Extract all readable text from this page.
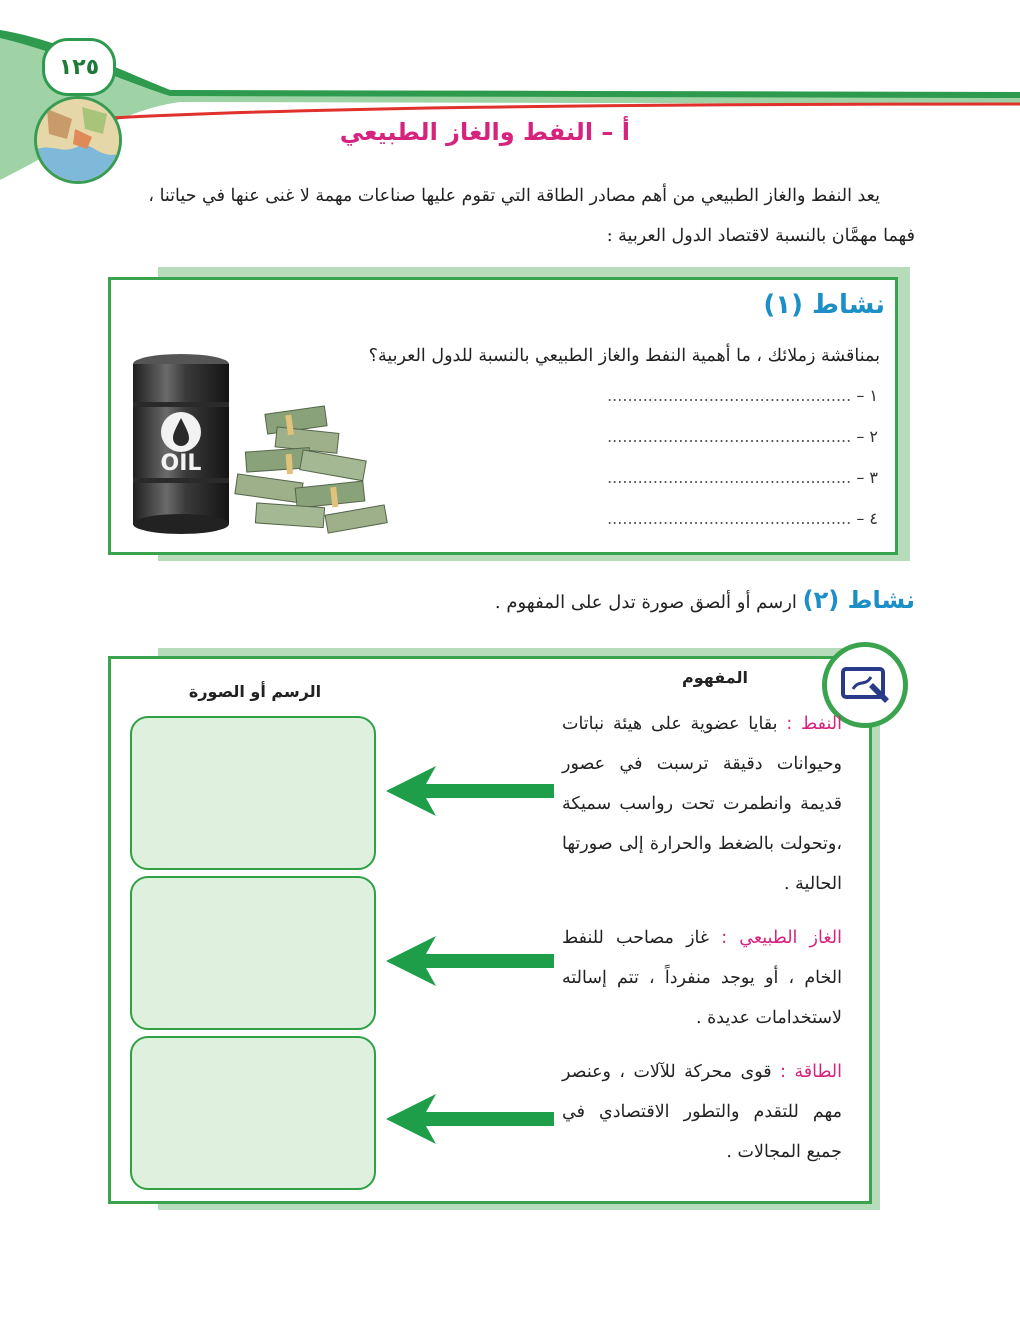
١٢٥
أ – النفط والغاز الطبيعي
يعد النفط والغاز الطبيعي من أهم مصادر الطاقة التي تقوم عليها صناعات مهمة لا غنى عنها في حياتنا ،
فهما مهمَّان بالنسبة لاقتصاد الدول العربية :
نشاط (١)
بمناقشة زملائك ، ما أهمية النفط والغاز الطبيعي بالنسبة للدول العربية؟
١ – ................................................
٢ – ................................................
٣ – ................................................
٤ – ................................................
OIL
نشاط (٢) ارسم أو ألصق صورة تدل على المفهوم .
المفهوم
الرسم أو الصورة
النفط : بقايا عضوية على هيئة نباتات وحيوانات دقيقة ترسبت في عصور قديمة وانطمرت تحت رواسب سميكة ،وتحولت بالضغط والحرارة إلى صورتها الحالية .
الغاز الطبيعي : غاز مصاحب للنفط الخام ، أو يوجد منفرداً ، تتم إسالته لاستخدامات عديدة .
الطاقة : قوى محركة للآلات ، وعنصر مهم للتقدم والتطور الاقتصادي في جميع المجالات .
